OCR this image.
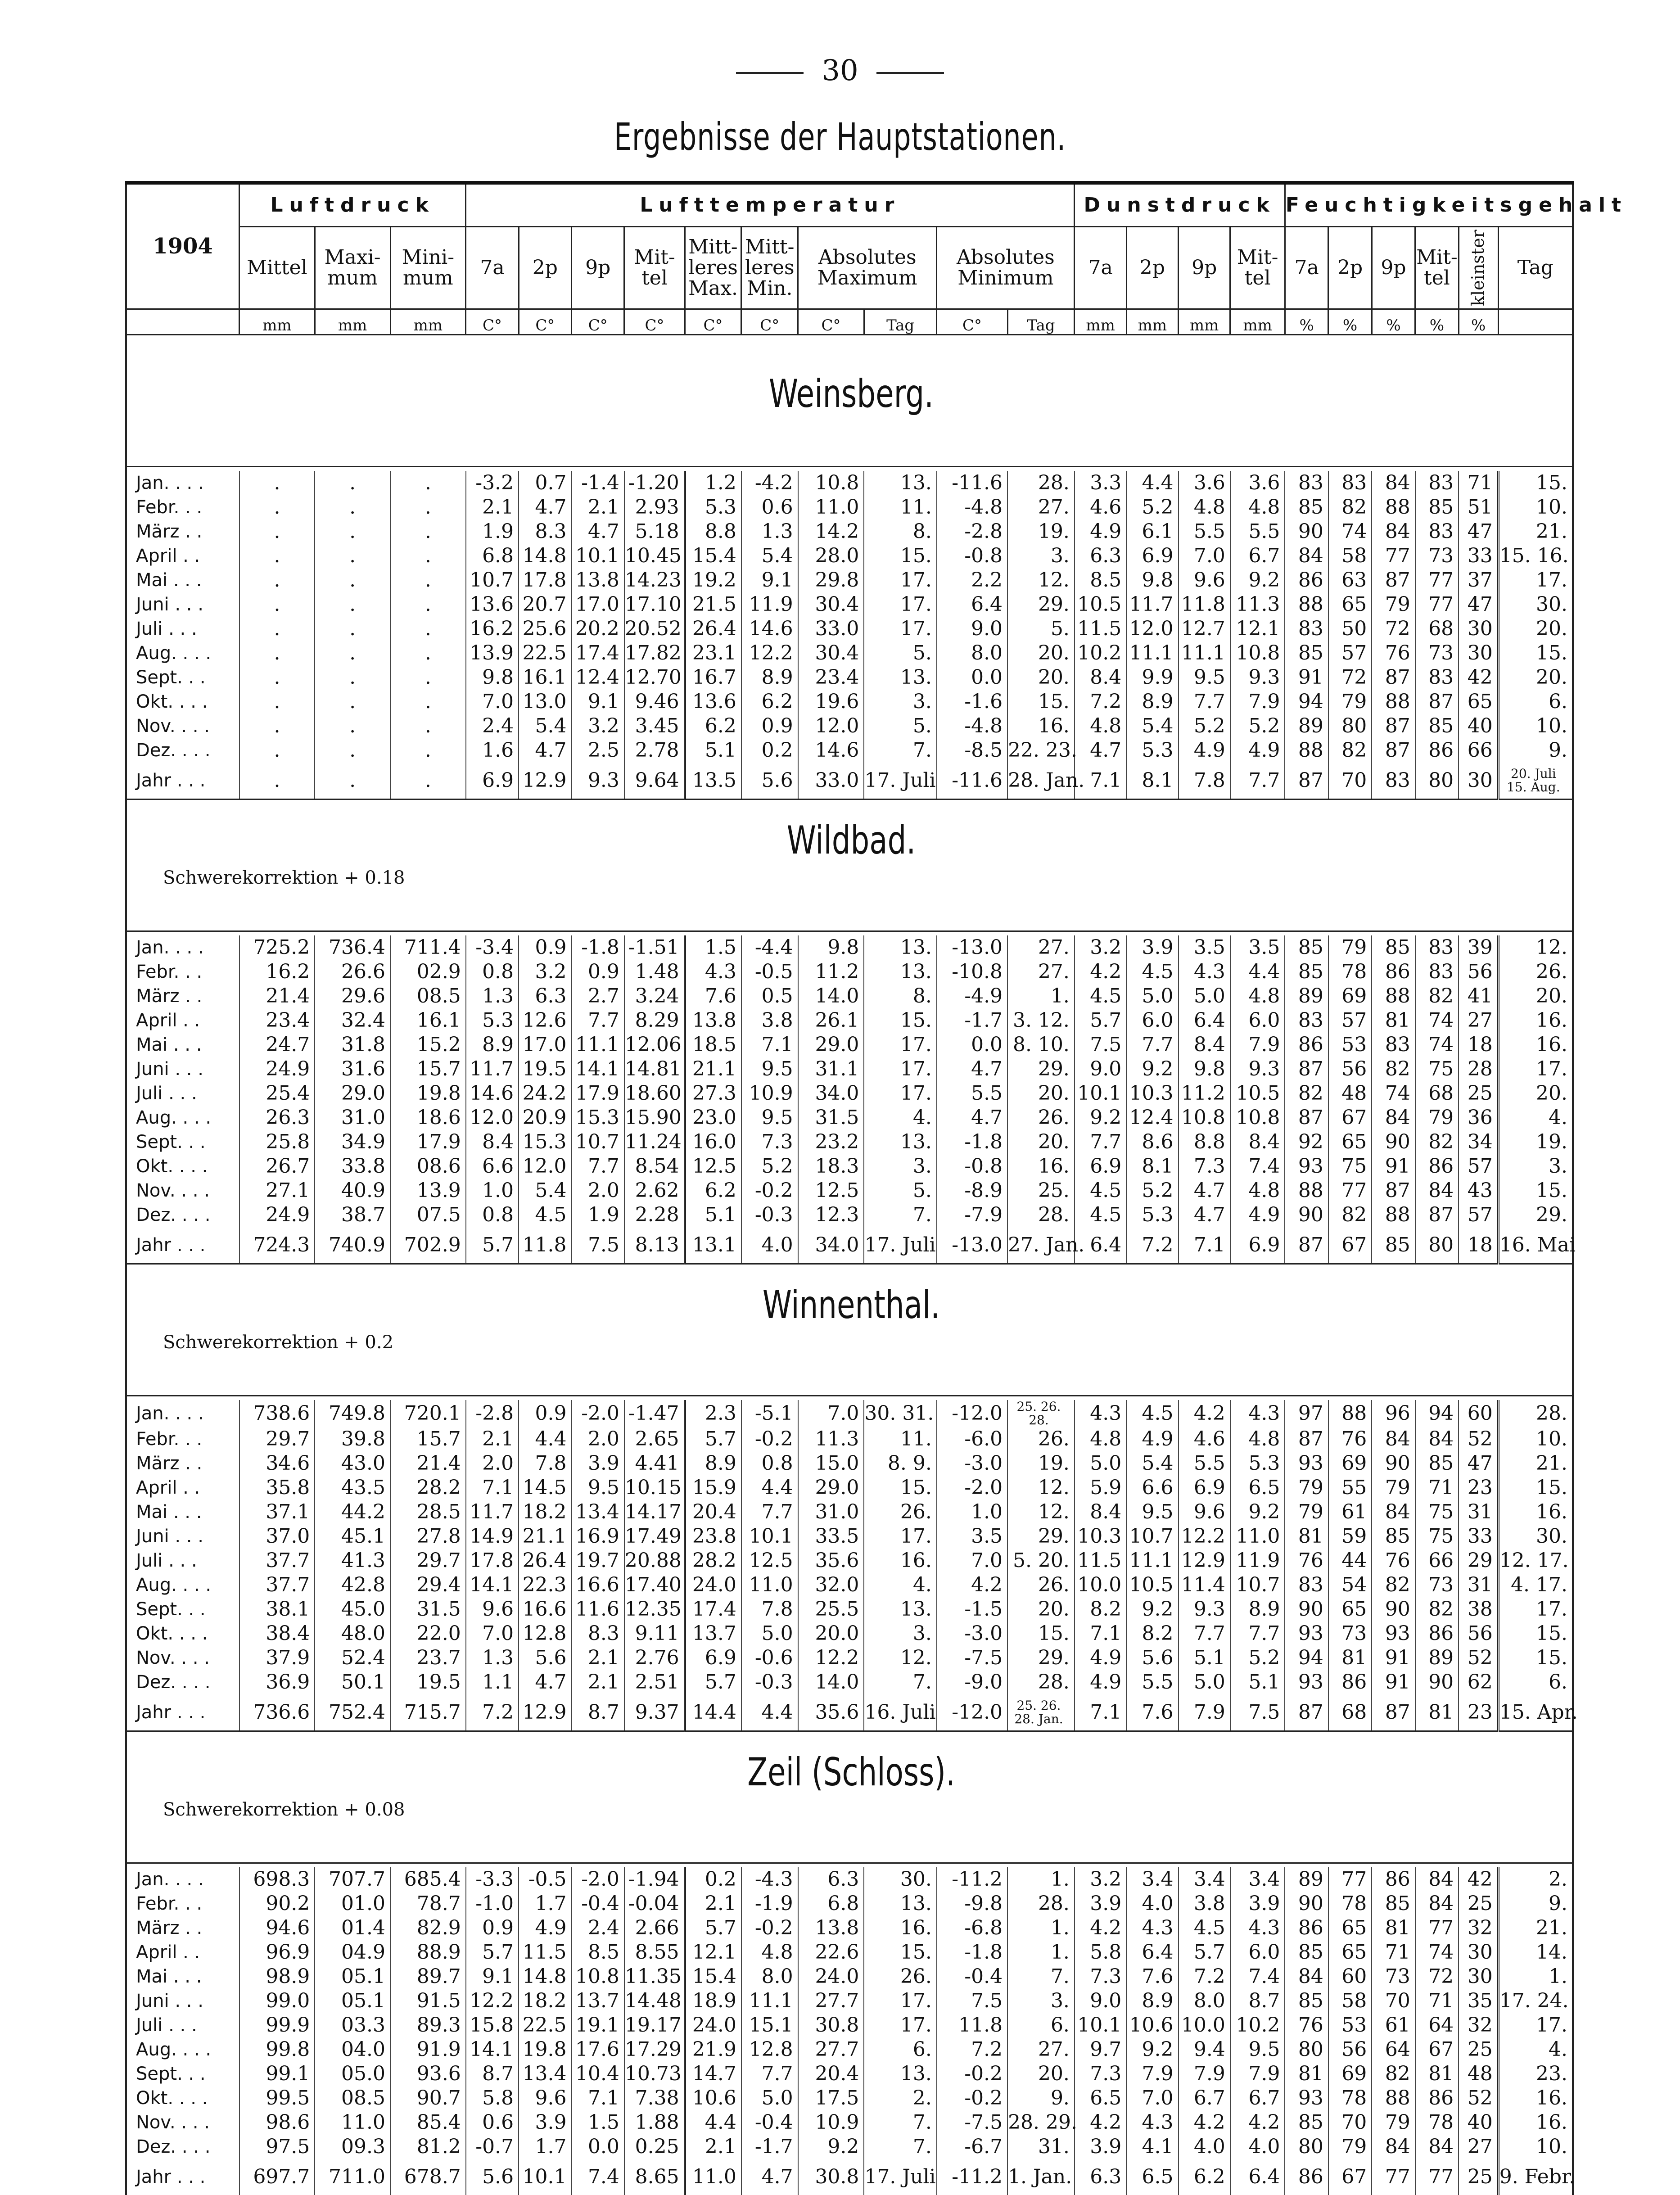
30
Ergebnisse der Hauptstationen.
1904	Luftdruck			Lufttemperatur										Dunstdruck				Feuchtigkeitsgehalt					
	Mittel	Maxi-mum	Mini-mum	7a	2p	9p	Mit-tel	Mitt-leres Max.	Mitt-leres Min.	Absolutes Maximum		Absolutes Minimum		7a	2p	9p	Mit-tel	7a	2p	9p	Mit-tel	kleinster	Tag
	mm	mm	mm	C°	C°	C°	C°	C°	C°	C°	Tag	C°	Tag	mm	mm	mm	mm	%	%	%	%	%	

Weinsberg.																							

Jan. . . .	.	.	.	-3.2	0.7	-1.4	-1.20	1.2	-4.2	10.8	13.	-11.6	28.	3.3	4.4	3.6	3.6	83	83	84	83	71	15.
Febr. . .	.	.	.	2.1	4.7	2.1	2.93	5.3	0.6	11.0	11.	-4.8	27.	4.6	5.2	4.8	4.8	85	82	88	85	51	10.
März . .	.	.	.	1.9	8.3	4.7	5.18	8.8	1.3	14.2	8.	-2.8	19.	4.9	6.1	5.5	5.5	90	74	84	83	47	21.
April . .	.	.	.	6.8	14.8	10.1	10.45	15.4	5.4	28.0	15.	-0.8	3.	6.3	6.9	7.0	6.7	84	58	77	73	33	15. 16.
Mai . . .	.	.	.	10.7	17.8	13.8	14.23	19.2	9.1	29.8	17.	2.2	12.	8.5	9.8	9.6	9.2	86	63	87	77	37	17.
Juni . . .	.	.	.	13.6	20.7	17.0	17.10	21.5	11.9	30.4	17.	6.4	29.	10.5	11.7	11.8	11.3	88	65	79	77	47	30.
Juli . . .	.	.	.	16.2	25.6	20.2	20.52	26.4	14.6	33.0	17.	9.0	5.	11.5	12.0	12.7	12.1	83	50	72	68	30	20.
Aug. . . .	.	.	.	13.9	22.5	17.4	17.82	23.1	12.2	30.4	5.	8.0	20.	10.2	11.1	11.1	10.8	85	57	76	73	30	15.
Sept. . .	.	.	.	9.8	16.1	12.4	12.70	16.7	8.9	23.4	13.	0.0	20.	8.4	9.9	9.5	9.3	91	72	87	83	42	20.
Okt. . . .	.	.	.	7.0	13.0	9.1	9.46	13.6	6.2	19.6	3.	-1.6	15.	7.2	8.9	7.7	7.9	94	79	88	87	65	6.
Nov. . . .	.	.	.	2.4	5.4	3.2	3.45	6.2	0.9	12.0	5.	-4.8	16.	4.8	5.4	5.2	5.2	89	80	87	85	40	10.
Dez. . . .	.	.	.	1.6	4.7	2.5	2.78	5.1	0.2	14.6	7.	-8.5	22. 23.	4.7	5.3	4.9	4.9	88	82	87	86	66	9.
Jahr . . .	.	.	.	6.9	12.9	9.3	9.64	13.5	5.6	33.0	17. Juli	-11.6	28. Jan.	7.1	8.1	7.8	7.7	87	70	83	80	30	20. Juli 15. Aug.

Schwerekorrektion + 0.18
Wildbad.																							

Jan. . . .	725.2	736.4	711.4	-3.4	0.9	-1.8	-1.51	1.5	-4.4	9.8	13.	-13.0	27.	3.2	3.9	3.5	3.5	85	79	85	83	39	12.
Febr. . .	16.2	26.6	02.9	0.8	3.2	0.9	1.48	4.3	-0.5	11.2	13.	-10.8	27.	4.2	4.5	4.3	4.4	85	78	86	83	56	26.
März . .	21.4	29.6	08.5	1.3	6.3	2.7	3.24	7.6	0.5	14.0	8.	-4.9	1.	4.5	5.0	5.0	4.8	89	69	88	82	41	20.
April . .	23.4	32.4	16.1	5.3	12.6	7.7	8.29	13.8	3.8	26.1	15.	-1.7	3. 12.	5.7	6.0	6.4	6.0	83	57	81	74	27	16.
Mai . . .	24.7	31.8	15.2	8.9	17.0	11.1	12.06	18.5	7.1	29.0	17.	0.0	8. 10.	7.5	7.7	8.4	7.9	86	53	83	74	18	16.
Juni . . .	24.9	31.6	15.7	11.7	19.5	14.1	14.81	21.1	9.5	31.1	17.	4.7	29.	9.0	9.2	9.8	9.3	87	56	82	75	28	17.
Juli . . .	25.4	29.0	19.8	14.6	24.2	17.9	18.60	27.3	10.9	34.0	17.	5.5	20.	10.1	10.3	11.2	10.5	82	48	74	68	25	20.
Aug. . . .	26.3	31.0	18.6	12.0	20.9	15.3	15.90	23.0	9.5	31.5	4.	4.7	26.	9.2	12.4	10.8	10.8	87	67	84	79	36	4.
Sept. . .	25.8	34.9	17.9	8.4	15.3	10.7	11.24	16.0	7.3	23.2	13.	-1.8	20.	7.7	8.6	8.8	8.4	92	65	90	82	34	19.
Okt. . . .	26.7	33.8	08.6	6.6	12.0	7.7	8.54	12.5	5.2	18.3	3.	-0.8	16.	6.9	8.1	7.3	7.4	93	75	91	86	57	3.
Nov. . . .	27.1	40.9	13.9	1.0	5.4	2.0	2.62	6.2	-0.2	12.5	5.	-8.9	25.	4.5	5.2	4.7	4.8	88	77	87	84	43	15.
Dez. . . .	24.9	38.7	07.5	0.8	4.5	1.9	2.28	5.1	-0.3	12.3	7.	-7.9	28.	4.5	5.3	4.7	4.9	90	82	88	87	57	29.
Jahr . . .	724.3	740.9	702.9	5.7	11.8	7.5	8.13	13.1	4.0	34.0	17. Juli	-13.0	27. Jan.	6.4	7.2	7.1	6.9	87	67	85	80	18	16. Mai

Schwerekorrektion + 0.2
Winnenthal.																							

Jan. . . .	738.6	749.8	720.1	-2.8	0.9	-2.0	-1.47	2.3	-5.1	7.0	30. 31.	-12.0	25. 26. 28.	4.3	4.5	4.2	4.3	97	88	96	94	60	28.
Febr. . .	29.7	39.8	15.7	2.1	4.4	2.0	2.65	5.7	-0.2	11.3	11.	-6.0	26.	4.8	4.9	4.6	4.8	87	76	84	84	52	10.
März . .	34.6	43.0	21.4	2.0	7.8	3.9	4.41	8.9	0.8	15.0	8. 9.	-3.0	19.	5.0	5.4	5.5	5.3	93	69	90	85	47	21.
April . .	35.8	43.5	28.2	7.1	14.5	9.5	10.15	15.9	4.4	29.0	15.	-2.0	12.	5.9	6.6	6.9	6.5	79	55	79	71	23	15.
Mai . . .	37.1	44.2	28.5	11.7	18.2	13.4	14.17	20.4	7.7	31.0	26.	1.0	12.	8.4	9.5	9.6	9.2	79	61	84	75	31	16.
Juni . . .	37.0	45.1	27.8	14.9	21.1	16.9	17.49	23.8	10.1	33.5	17.	3.5	29.	10.3	10.7	12.2	11.0	81	59	85	75	33	30.
Juli . . .	37.7	41.3	29.7	17.8	26.4	19.7	20.88	28.2	12.5	35.6	16.	7.0	5. 20.	11.5	11.1	12.9	11.9	76	44	76	66	29	12. 17.
Aug. . . .	37.7	42.8	29.4	14.1	22.3	16.6	17.40	24.0	11.0	32.0	4.	4.2	26.	10.0	10.5	11.4	10.7	83	54	82	73	31	4. 17.
Sept. . .	38.1	45.0	31.5	9.6	16.6	11.6	12.35	17.4	7.8	25.5	13.	-1.5	20.	8.2	9.2	9.3	8.9	90	65	90	82	38	17.
Okt. . . .	38.4	48.0	22.0	7.0	12.8	8.3	9.11	13.7	5.0	20.0	3.	-3.0	15.	7.1	8.2	7.7	7.7	93	73	93	86	56	15.
Nov. . . .	37.9	52.4	23.7	1.3	5.6	2.1	2.76	6.9	-0.6	12.2	12.	-7.5	29.	4.9	5.6	5.1	5.2	94	81	91	89	52	15.
Dez. . . .	36.9	50.1	19.5	1.1	4.7	2.1	2.51	5.7	-0.3	14.0	7.	-9.0	28.	4.9	5.5	5.0	5.1	93	86	91	90	62	6.
Jahr . . .	736.6	752.4	715.7	7.2	12.9	8.7	9.37	14.4	4.4	35.6	16. Juli	-12.0	25. 26. 28. Jan.	7.1	7.6	7.9	7.5	87	68	87	81	23	15. Apr.

Schwerekorrektion + 0.08
Zeil (Schloss).																							

Jan. . . .	698.3	707.7	685.4	-3.3	-0.5	-2.0	-1.94	0.2	-4.3	6.3	30.	-11.2	1.	3.2	3.4	3.4	3.4	89	77	86	84	42	2.
Febr. . .	90.2	01.0	78.7	-1.0	1.7	-0.4	-0.04	2.1	-1.9	6.8	13.	-9.8	28.	3.9	4.0	3.8	3.9	90	78	85	84	25	9.
März . .	94.6	01.4	82.9	0.9	4.9	2.4	2.66	5.7	-0.2	13.8	16.	-6.8	1.	4.2	4.3	4.5	4.3	86	65	81	77	32	21.
April . .	96.9	04.9	88.9	5.7	11.5	8.5	8.55	12.1	4.8	22.6	15.	-1.8	1.	5.8	6.4	5.7	6.0	85	65	71	74	30	14.
Mai . . .	98.9	05.1	89.7	9.1	14.8	10.8	11.35	15.4	8.0	24.0	26.	-0.4	7.	7.3	7.6	7.2	7.4	84	60	73	72	30	1.
Juni . . .	99.0	05.1	91.5	12.2	18.2	13.7	14.48	18.9	11.1	27.7	17.	7.5	3.	9.0	8.9	8.0	8.7	85	58	70	71	35	17. 24.
Juli . . .	99.9	03.3	89.3	15.8	22.5	19.1	19.17	24.0	15.1	30.8	17.	11.8	6.	10.1	10.6	10.0	10.2	76	53	61	64	32	17.
Aug. . . .	99.8	04.0	91.9	14.1	19.8	17.6	17.29	21.9	12.8	27.7	6.	7.2	27.	9.7	9.2	9.4	9.5	80	56	64	67	25	4.
Sept. . .	99.1	05.0	93.6	8.7	13.4	10.4	10.73	14.7	7.7	20.4	13.	-0.2	20.	7.3	7.9	7.9	7.9	81	69	82	81	48	23.
Okt. . . .	99.5	08.5	90.7	5.8	9.6	7.1	7.38	10.6	5.0	17.5	2.	-0.2	9.	6.5	7.0	6.7	6.7	93	78	88	86	52	16.
Nov. . . .	98.6	11.0	85.4	0.6	3.9	1.5	1.88	4.4	-0.4	10.9	7.	-7.5	28. 29.	4.2	4.3	4.2	4.2	85	70	79	78	40	16.
Dez. . . .	97.5	09.3	81.2	-0.7	1.7	0.0	0.25	2.1	-1.7	9.2	7.	-6.7	31.	3.9	4.1	4.0	4.0	80	79	84	84	27	10.
Jahr . . .	697.7	711.0	678.7	5.6	10.1	7.4	8.65	11.0	4.7	30.8	17. Juli	-11.2	1. Jan.	6.3	6.5	6.2	6.4	86	67	77	77	25	9. Febr.
